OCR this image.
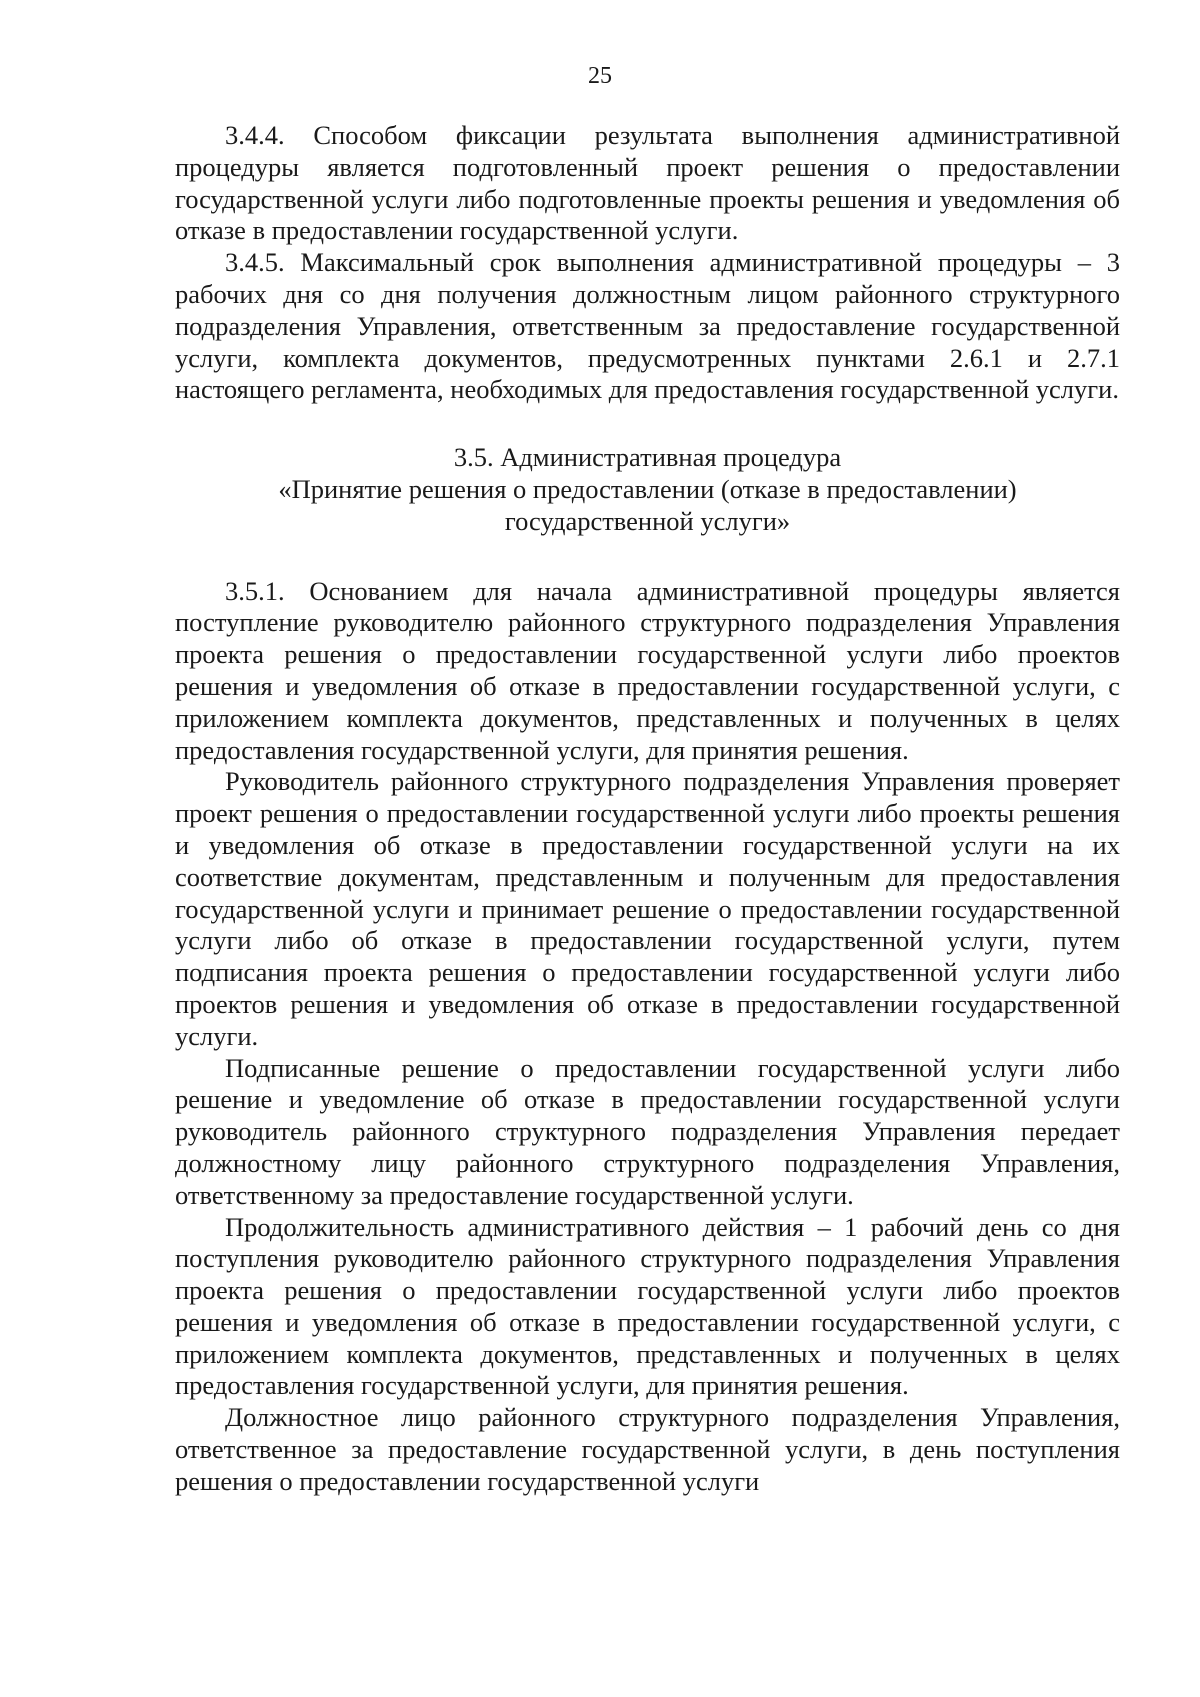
25

3.4.4. Способом фиксации результата выполнения административной процедуры является подготовленный проект решения о предоставлении государственной услуги либо подготовленные проекты решения и уведомления об отказе в предоставлении государственной услуги.

3.4.5. Максимальный срок выполнения административной процедуры – 3 рабочих дня со дня получения должностным лицом районного структурного подразделения Управления, ответственным за предоставление государственной услуги, комплекта документов, предусмотренных пунктами 2.6.1 и 2.7.1 настоящего регламента, необходимых для предоставления государственной услуги.

3.5. Административная процедура
«Принятие решения о предоставлении (отказе в предоставлении)
государственной услуги»

3.5.1. Основанием для начала административной процедуры является поступление руководителю районного структурного подразделения Управления проекта решения о предоставлении государственной услуги либо проектов решения и уведомления об отказе в предоставлении государственной услуги, с приложением комплекта документов, представленных и полученных в целях предоставления государственной услуги, для принятия решения.

Руководитель районного структурного подразделения Управления проверяет проект решения о предоставлении государственной услуги либо проекты решения и уведомления об отказе в предоставлении государственной услуги на их соответствие документам, представленным и полученным для предоставления государственной услуги и принимает решение о предоставлении государственной услуги либо об отказе в предоставлении государственной услуги, путем подписания проекта решения о предоставлении государственной услуги либо проектов решения и уведомления об отказе в предоставлении государственной услуги.

Подписанные решение о предоставлении государственной услуги либо решение и уведомление об отказе в предоставлении государственной услуги руководитель районного структурного подразделения Управления передает должностному лицу районного структурного подразделения Управления, ответственному за предоставление государственной услуги.

Продолжительность административного действия – 1 рабочий день со дня поступления руководителю районного структурного подразделения Управления проекта решения о предоставлении государственной услуги либо проектов решения и уведомления об отказе в предоставлении государственной услуги, с приложением комплекта документов, представленных и полученных в целях предоставления государственной услуги, для принятия решения.

Должностное лицо районного структурного подразделения Управления, ответственное за предоставление государственной услуги, в день поступления решения о предоставлении государственной услуги
